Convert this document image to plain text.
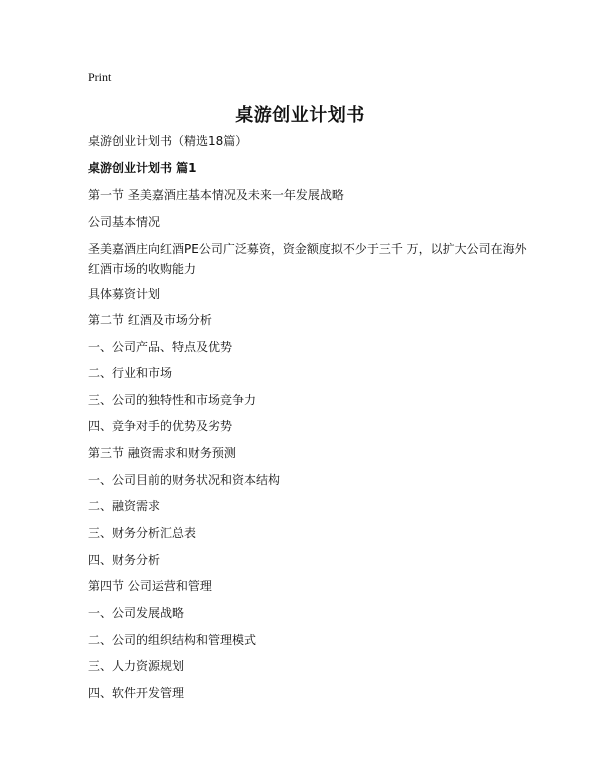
Print
桌游创业计划书
桌游创业计划书（精选18篇）
桌游创业计划书 篇1
第一节 圣美嘉酒庄基本情况及未来一年发展战略
公司基本情况
圣美嘉酒庄向红酒PE公司广泛募资，资金额度拟不少于三千 万，以扩大公司在海外红酒市场的收购能力
具体募资计划
第二节 红酒及市场分析
一、公司产品、特点及优势
二、行业和市场
三、公司的独特性和市场竞争力
四、竞争对手的优势及劣势
第三节 融资需求和财务预测
一、公司目前的财务状况和资本结构
二、融资需求
三、财务分析汇总表
四、财务分析
第四节 公司运营和管理
一、公司发展战略
二、公司的组织结构和管理模式
三、人力资源规划
四、软件开发管理
